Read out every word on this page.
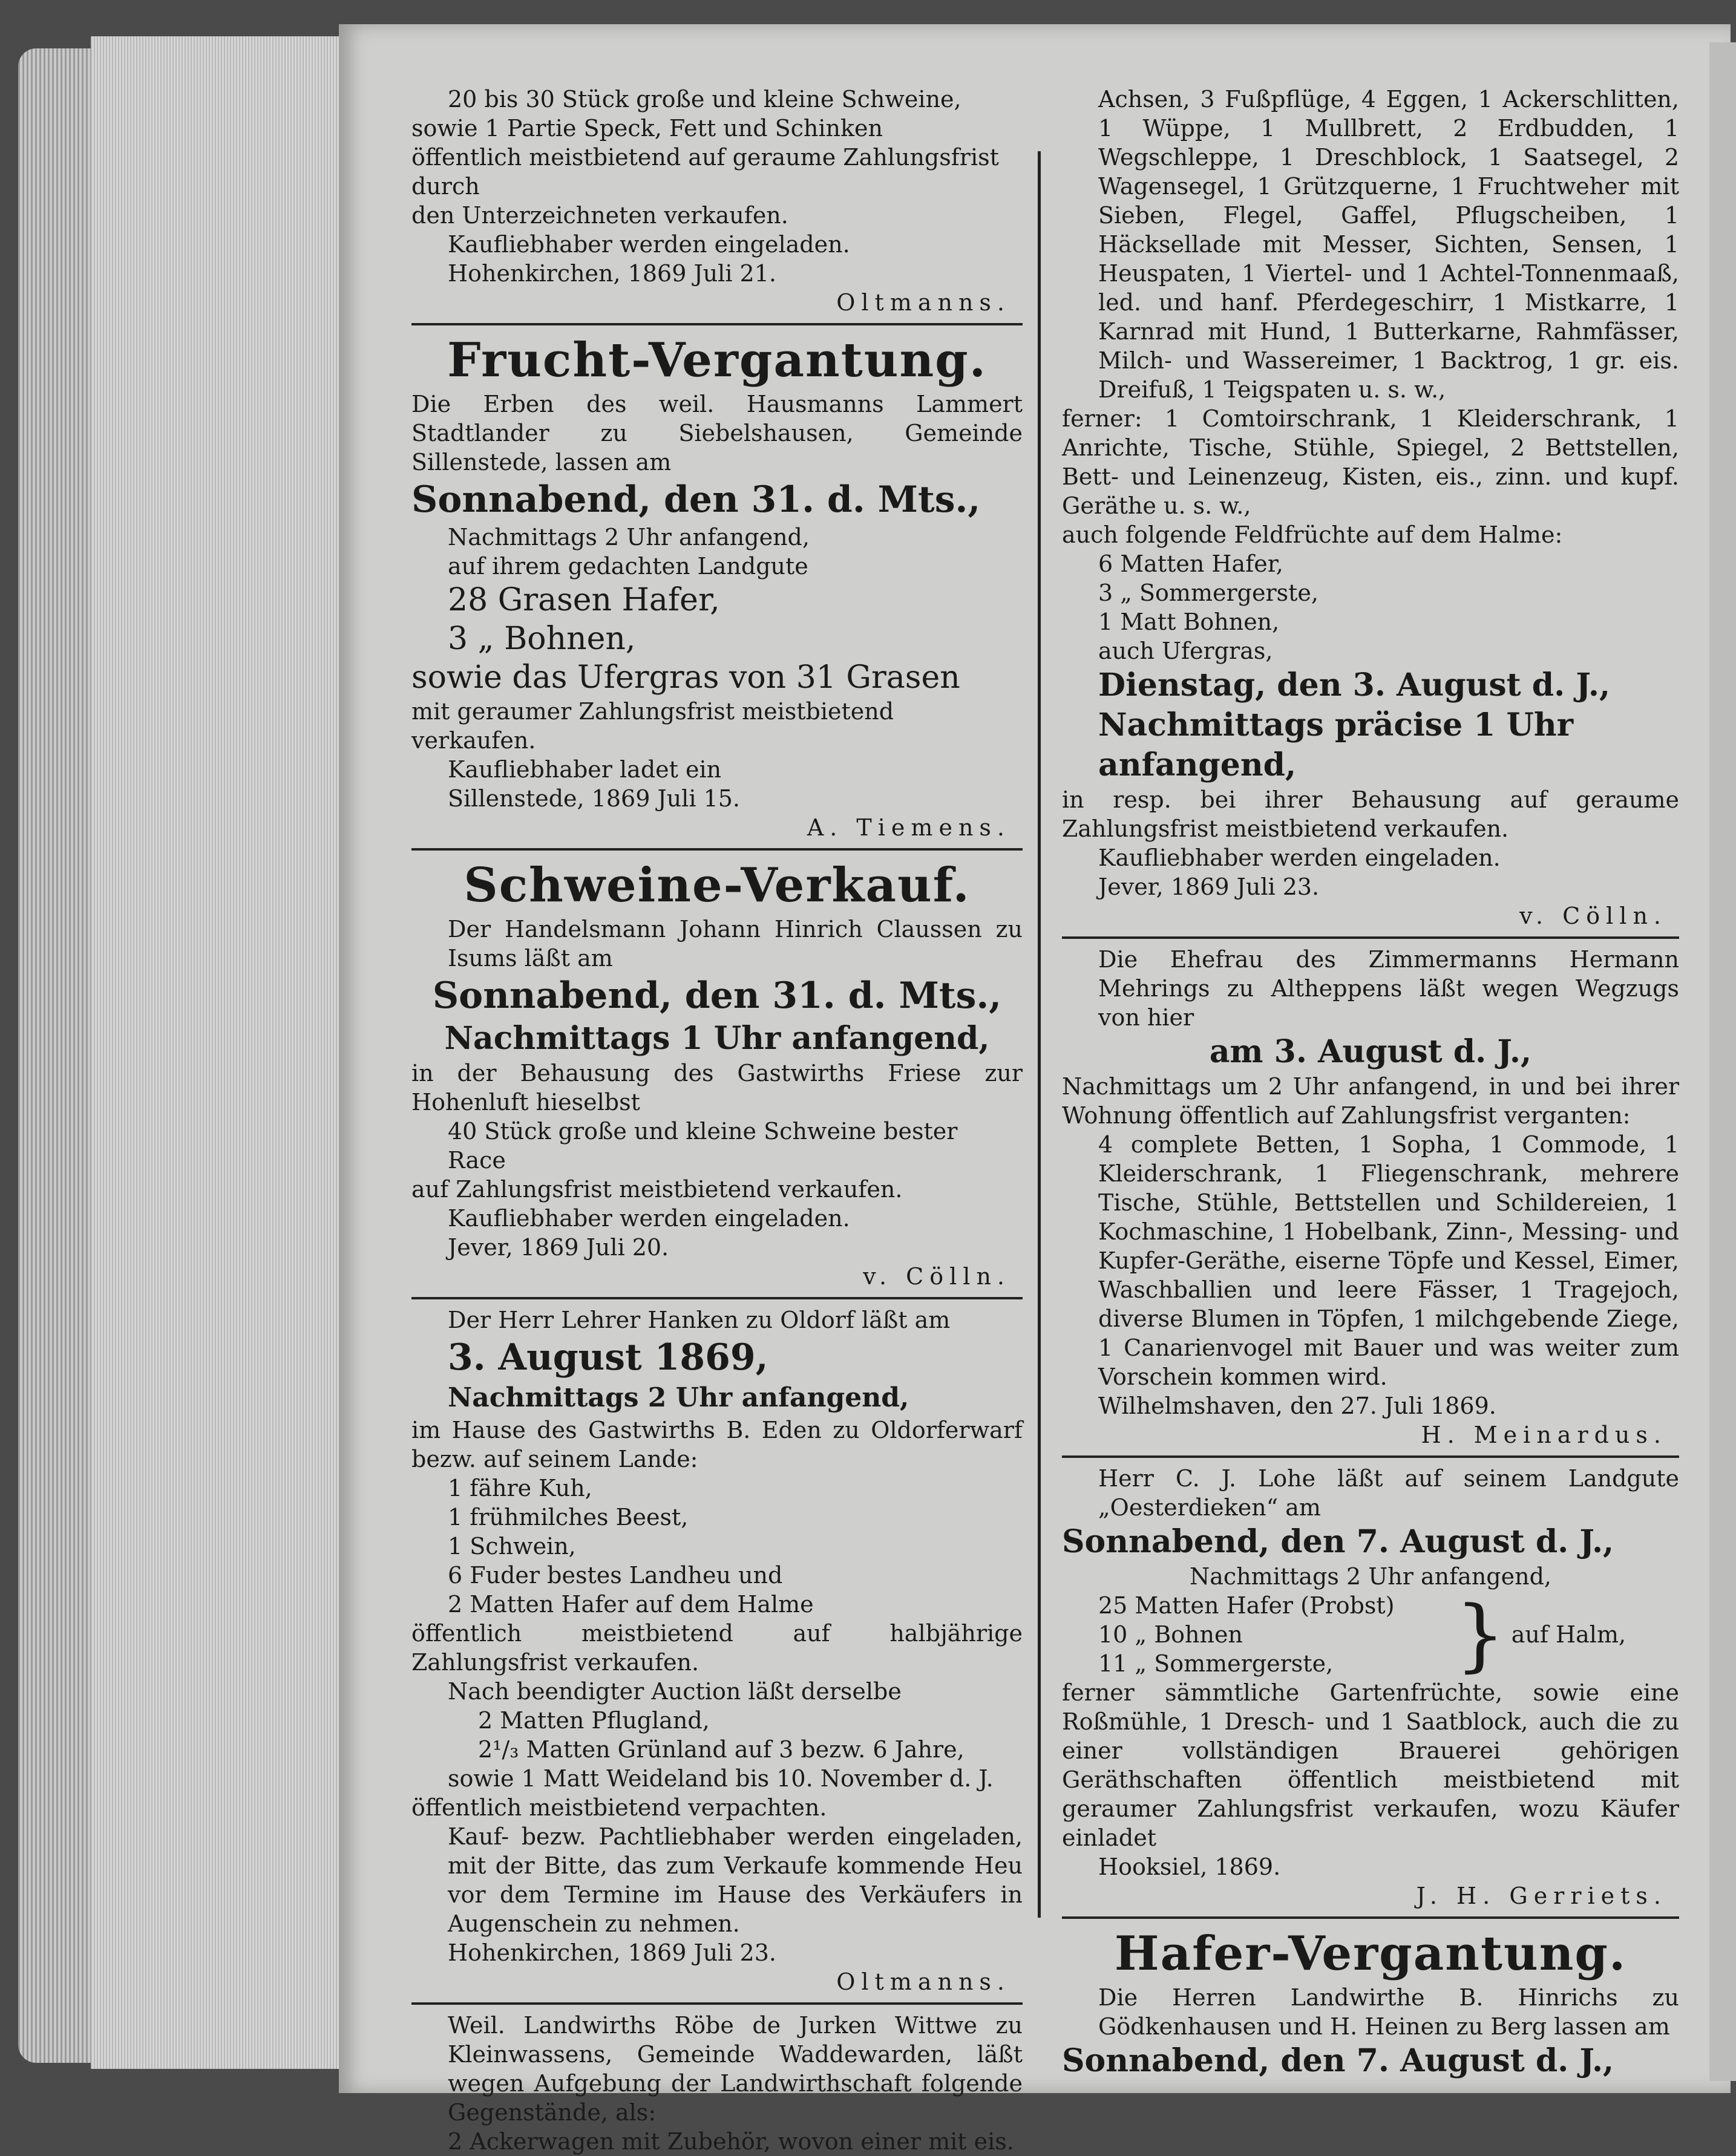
20 bis 30 Stück große und kleine Schweine,

sowie 1 Partie Speck, Fett und Schinken

öffentlich meistbietend auf geraume Zahlungsfrist durch

den Unterzeichneten verkaufen.

Kaufliebhaber werden eingeladen.

Hohenkirchen, 1869 Juli 21.

Oltmanns.

Frucht-Vergantung.

Die Erben des weil. Hausmanns Lammert Stadtlander zu Siebelshausen, Gemeinde Sillenstede, lassen am

Sonnabend, den 31. d. Mts.,

Nachmittags 2 Uhr anfangend,

auf ihrem gedachten Landgute

28 Grasen Hafer,

3 „ Bohnen,

sowie das Ufergras von 31 Grasen

mit geraumer Zahlungsfrist meistbietend verkaufen.

Kaufliebhaber ladet ein

Sillenstede, 1869 Juli 15.

A. Tiemens.

Schweine-Verkauf.

Der Handelsmann Johann Hinrich Claussen zu Isums läßt am

Sonnabend, den 31. d. Mts.,

Nachmittags 1 Uhr anfangend,

in der Behausung des Gastwirths Friese zur Hohenluft hieselbst

40 Stück große und kleine Schweine bester Race

auf Zahlungsfrist meistbietend verkaufen.

Kaufliebhaber werden eingeladen.

Jever, 1869 Juli 20.

v. Cölln.

Der Herr Lehrer Hanken zu Oldorf läßt am

3. August 1869,

Nachmittags 2 Uhr anfangend,

im Hause des Gastwirths B. Eden zu Oldorferwarf bezw. auf seinem Lande:

1 fähre Kuh,

1 frühmilches Beest,

1 Schwein,

6 Fuder bestes Landheu und

2 Matten Hafer auf dem Halme

öffentlich meistbietend auf halbjährige Zahlungsfrist verkaufen.

Nach beendigter Auction läßt derselbe

2 Matten Pflugland,

2¹/₃ Matten Grünland auf 3 bezw. 6 Jahre,

sowie 1 Matt Weideland bis 10. November d. J.

öffentlich meistbietend verpachten.

Kauf- bezw. Pachtliebhaber werden eingeladen, mit der Bitte, das zum Verkaufe kommende Heu vor dem Termine im Hause des Verkäufers in Augenschein zu nehmen.

Hohenkirchen, 1869 Juli 23.

Oltmanns.

Weil. Landwirths Röbe de Jurken Wittwe zu Kleinwassens, Gemeinde Waddewarden, läßt wegen Aufgebung der Landwirthschaft folgende Gegenstände, als:

2 Ackerwagen mit Zubehör, wovon einer mit eis.

Achsen, 3 Fußpflüge, 4 Eggen, 1 Ackerschlitten, 1 Wüppe, 1 Mullbrett, 2 Erdbudden, 1 Wegschleppe, 1 Dreschblock, 1 Saatsegel, 2 Wagensegel, 1 Grützquerne, 1 Fruchtweher mit Sieben, Flegel, Gaffel, Pflugscheiben, 1 Häcksellade mit Messer, Sichten, Sensen, 1 Heuspaten, 1 Viertel- und 1 Achtel-Tonnenmaaß, led. und hanf. Pferdegeschirr, 1 Mistkarre, 1 Karnrad mit Hund, 1 Butterkarne, Rahmfässer, Milch- und Wassereimer, 1 Backtrog, 1 gr. eis. Dreifuß, 1 Teigspaten u. s. w.,

ferner: 1 Comtoirschrank, 1 Kleiderschrank, 1 Anrichte, Tische, Stühle, Spiegel, 2 Bettstellen, Bett- und Leinenzeug, Kisten, eis., zinn. und kupf. Geräthe u. s. w.,

auch folgende Feldfrüchte auf dem Halme:

6 Matten Hafer,

3 „ Sommergerste,

1 Matt Bohnen,

auch Ufergras,

Dienstag, den 3. August d. J.,

Nachmittags präcise 1 Uhr anfangend,

in resp. bei ihrer Behausung auf geraume Zahlungsfrist meistbietend verkaufen.

Kaufliebhaber werden eingeladen.

Jever, 1869 Juli 23.

v. Cölln.

Die Ehefrau des Zimmermanns Hermann Mehrings zu Altheppens läßt wegen Wegzugs von hier

am 3. August d. J.,

Nachmittags um 2 Uhr anfangend, in und bei ihrer Wohnung öffentlich auf Zahlungsfrist verganten:

4 complete Betten, 1 Sopha, 1 Commode, 1 Kleiderschrank, 1 Fliegenschrank, mehrere Tische, Stühle, Bettstellen und Schildereien, 1 Kochmaschine, 1 Hobelbank, Zinn-, Messing- und Kupfer-Geräthe, eiserne Töpfe und Kessel, Eimer, Waschballien und leere Fässer, 1 Tragejoch, diverse Blumen in Töpfen, 1 milchgebende Ziege, 1 Canarienvogel mit Bauer und was weiter zum Vorschein kommen wird.

Wilhelmshaven, den 27. Juli 1869.

H. Meinardus.

Herr C. J. Lohe läßt auf seinem Landgute „Oesterdieken“ am

Sonnabend, den 7. August d. J.,

Nachmittags 2 Uhr anfangend,

25 Matten Hafer (Probst)

10 „ Bohnen

11 „ Sommergerste,	} auf Halm,

ferner sämmtliche Gartenfrüchte, sowie eine Roßmühle, 1 Dresch- und 1 Saatblock, auch die zu einer vollständigen Brauerei gehörigen Geräthschaften öffentlich meistbietend mit geraumer Zahlungsfrist verkaufen, wozu Käufer einladet

Hooksiel, 1869.

J. H. Gerriets.

Hafer-Vergantung.

Die Herren Landwirthe B. Hinrichs zu Gödkenhausen und H. Heinen zu Berg lassen am

Sonnabend, den 7. August d. J.,
